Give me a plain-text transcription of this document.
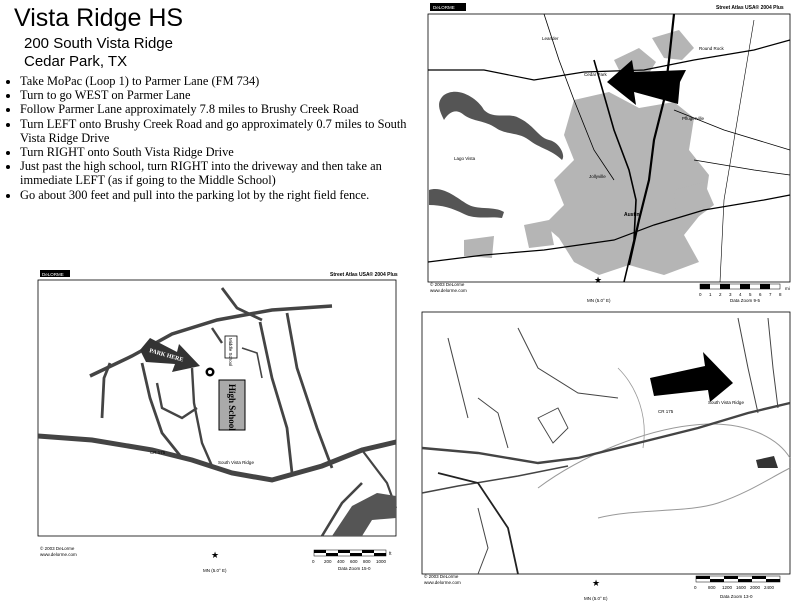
Vista Ridge HS
200 South Vista Ridge
Cedar Park, TX
• Take MoPac (Loop 1) to Parmer Lane (FM 734)
• Turn to go WEST on Parmer Lane
• Follow Parmer Lane approximately 7.8 miles to Brushy Creek Road
• Turn LEFT onto Brushy Creek Road and go approximately 0.7 miles to South Vista Ridge Drive
• Turn RIGHT onto South Vista Ridge Drive
• Just past the high school, turn RIGHT into the driveway and then take an immediate LEFT (as if going to the Middle School)
• Go about 300 feet and pull into the parking lot by the right field fence.
DeLORME	Street Atlas USA® 2004 Plus
Leander
Cedar Park
Pflugerville
Austin
Lago Vista
Jollyville
Round Rock
© 2003 DeLorme
www.delorme.com
★
MN (5.0° E)
0 1 2 3 4 5 6 7 8
mi
Data Zoom 9-5
DeLORME	Street Atlas USA® 2004 Plus
High School
Middle School
PARK HERE
South Vista Ridge
CR 175
© 2003 DeLorme
www.delorme.com	★
MN (5.0° E)
0 200 400 600 800 1000
ft
Data Zoom 15-0
South Vista Ridge
CR 175
© 2003 DeLorme
www.delorme.com	★
MN (5.0° E)
0	800 1200 1600 2000 2400
Data Zoom 13-0
